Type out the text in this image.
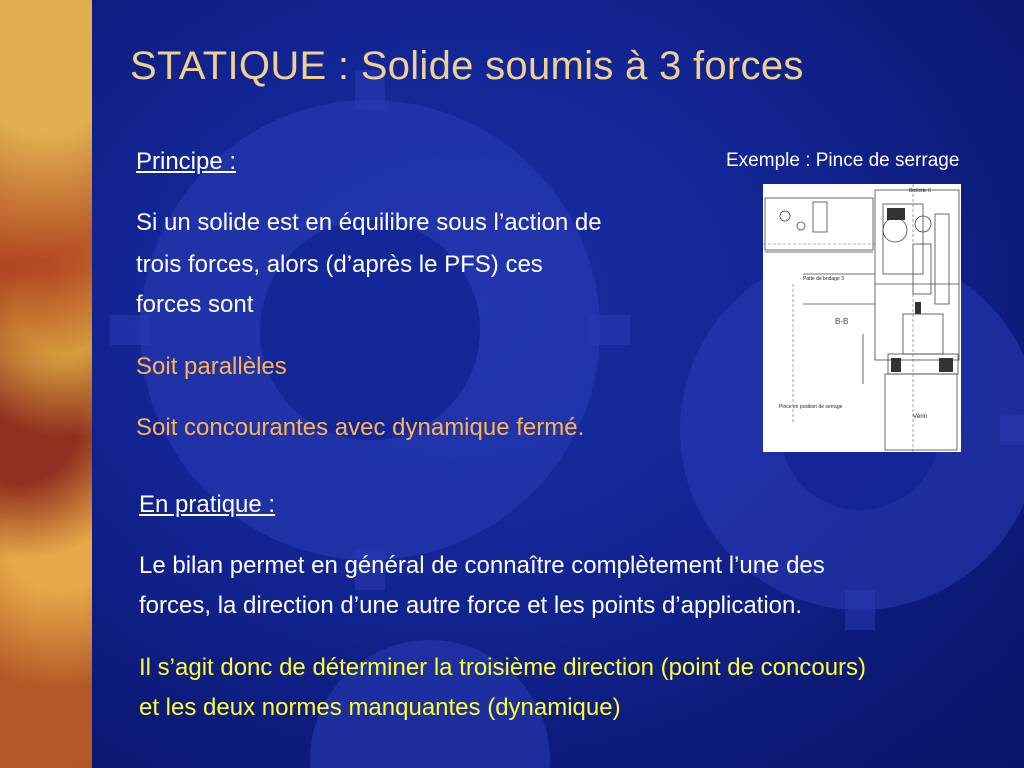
STATIQUE : Solide soumis à 3 forces

Principe :

Si un solide est en équilibre sous l’action de

trois forces, alors (d’après le PFS) ces

forces sont

Soit parallèles

Soit concourantes avec dynamique fermé.

Exemple : Pince de serrage
Biellette 6
Patte de bridage 3
B-B
Pince en position de serrage
Vérin

En pratique :

Le bilan permet en général de connaître complètement l’une des

forces, la direction d’une autre force et les points d’application.

Il s’agit donc de déterminer la troisième direction (point de concours)

et les deux normes manquantes (dynamique)
